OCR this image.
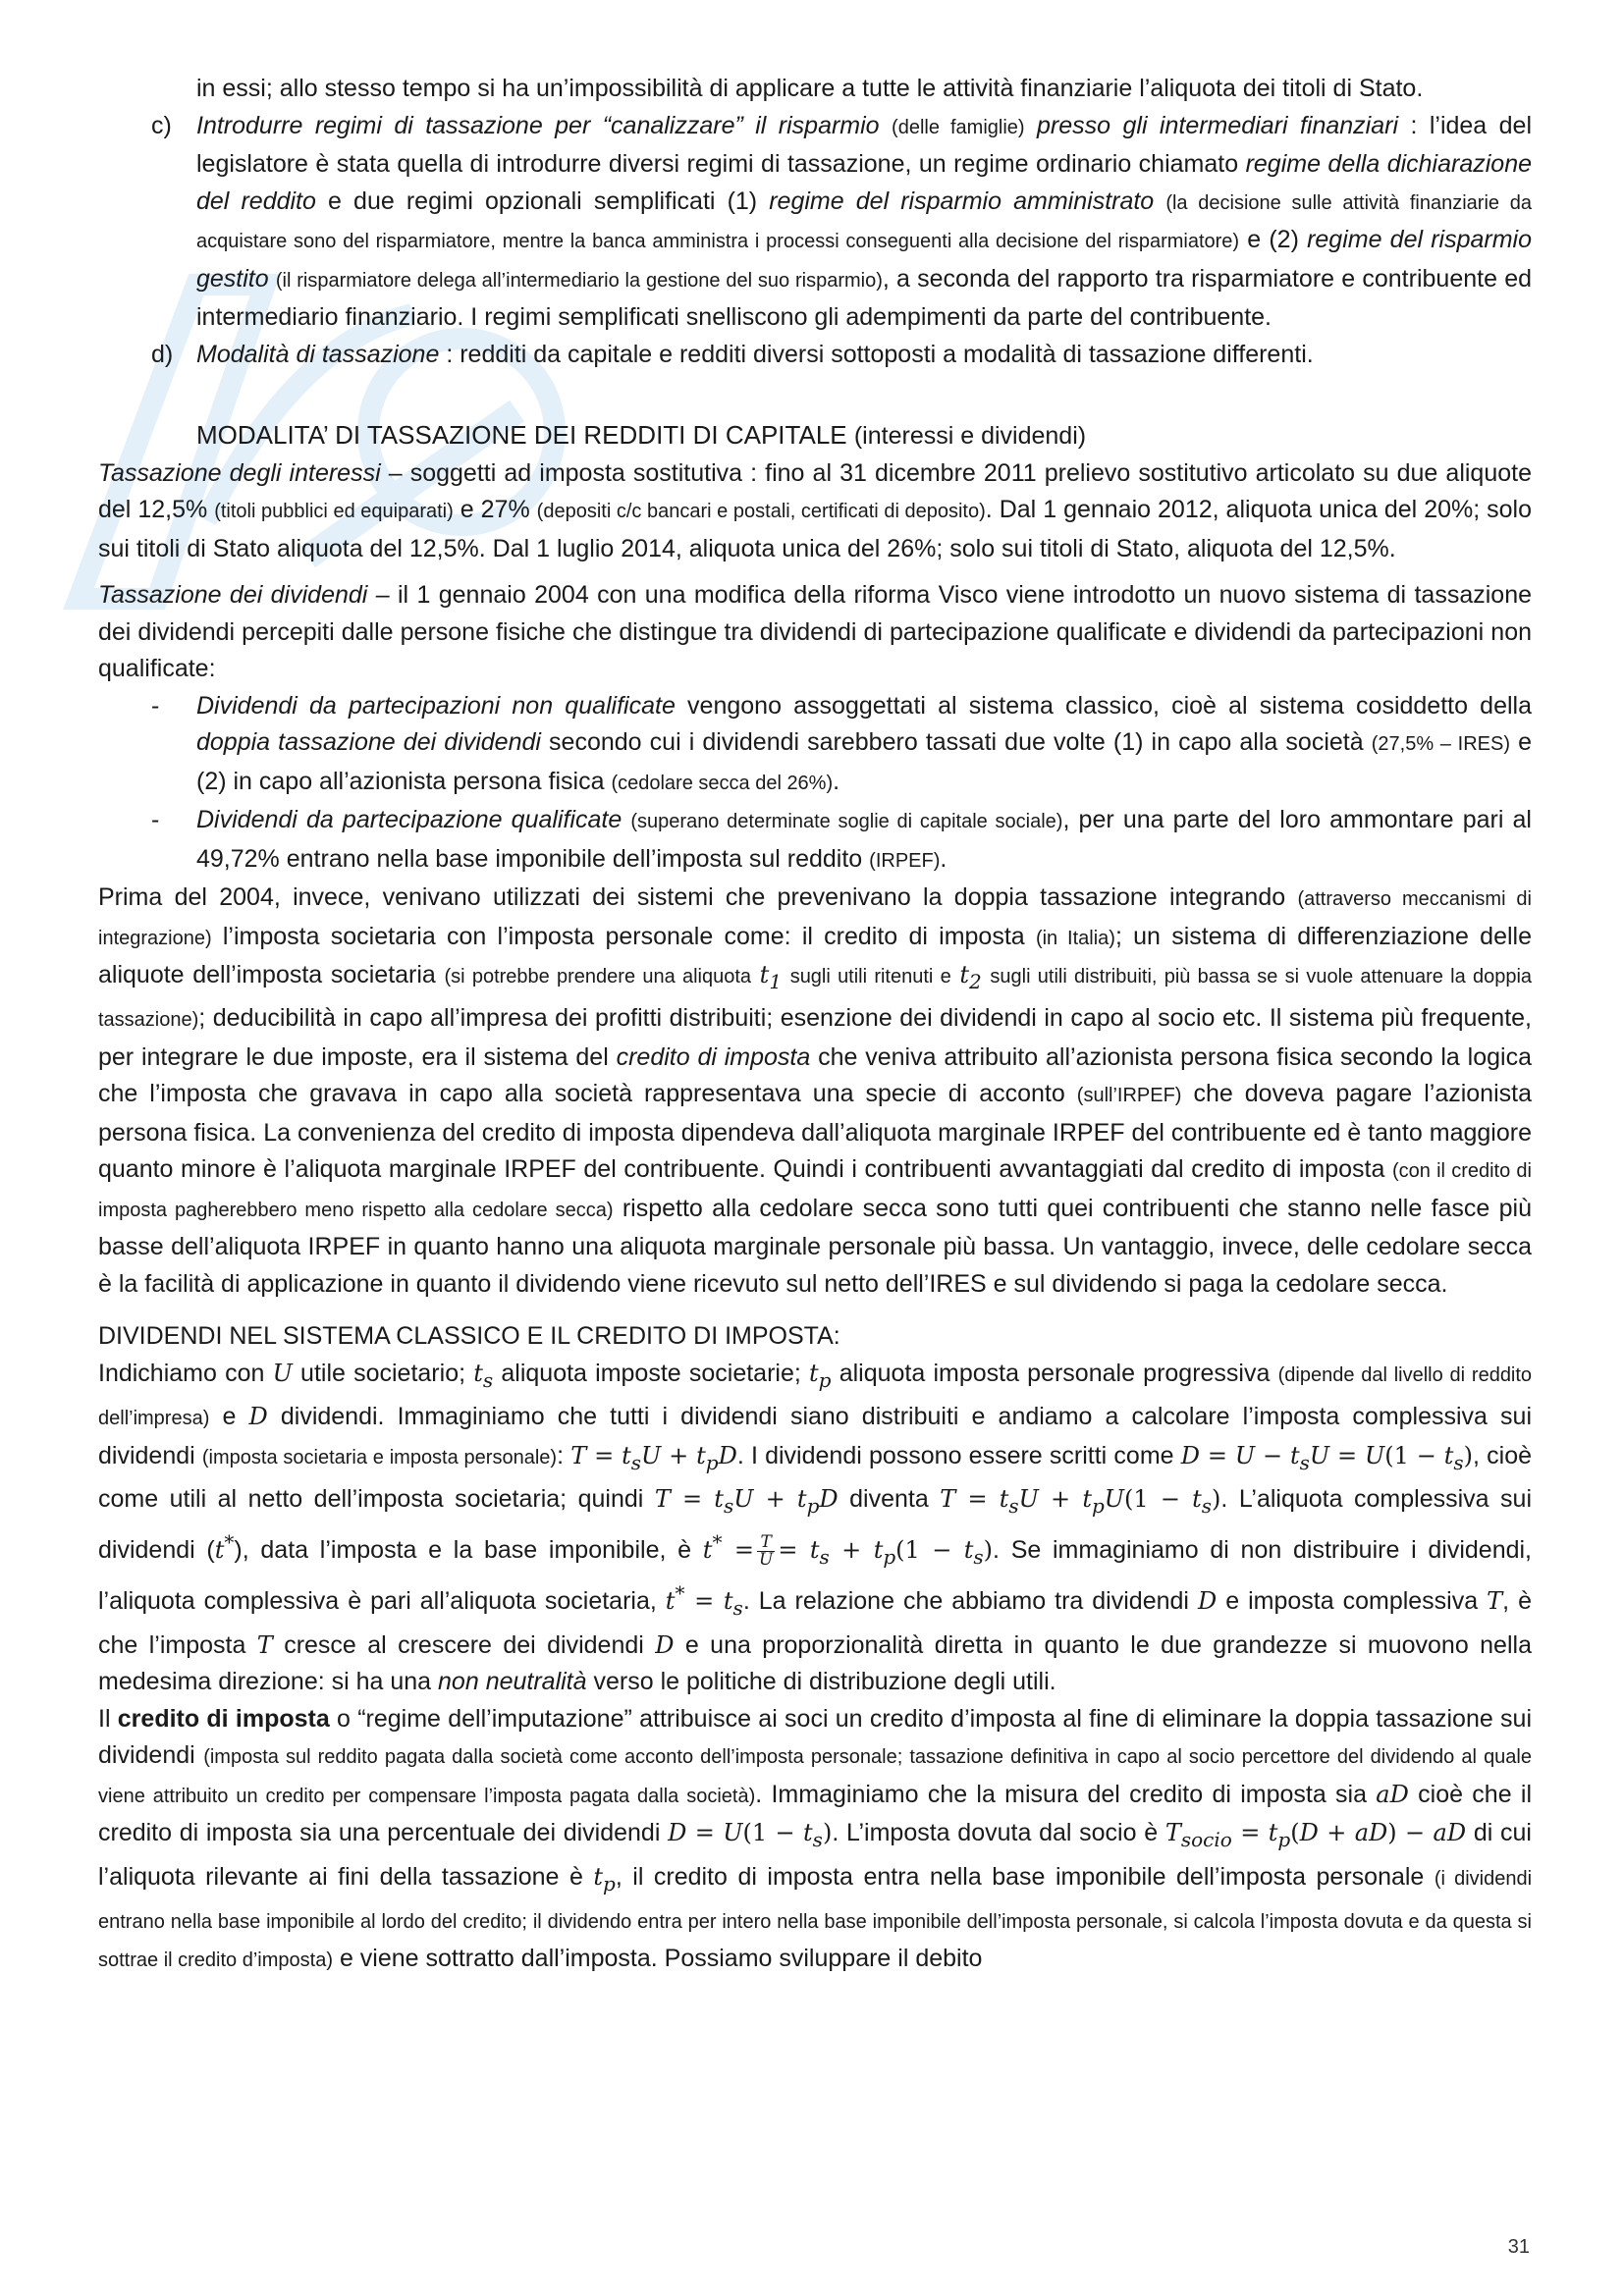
in essi; allo stesso tempo si ha un’impossibilità di applicare a tutte le attività finanziarie l’aliquota dei titoli di Stato.

c) Introdurre regimi di tassazione per “canalizzare” il risparmio (delle famiglie) presso gli intermediari finanziari : l’idea del legislatore è stata quella di introdurre diversi regimi di tassazione, un regime ordinario chiamato regime della dichiarazione del reddito e due regimi opzionali semplificati (1) regime del risparmio amministrato (la decisione sulle attività finanziarie da acquistare sono del risparmiatore, mentre la banca amministra i processi conseguenti alla decisione del risparmiatore) e (2) regime del risparmio gestito (il risparmiatore delega all’intermediario la gestione del suo risparmio), a seconda del rapporto tra risparmiatore e contribuente ed intermediario finanziario. I regimi semplificati snelliscono gli adempimenti da parte del contribuente.

d) Modalità di tassazione : redditi da capitale e redditi diversi sottoposti a modalità di tassazione differenti.

MODALITA’ DI TASSAZIONE DEI REDDITI DI CAPITALE (interessi e dividendi)

Tassazione degli interessi – soggetti ad imposta sostitutiva : fino al 31 dicembre 2011 prelievo sostitutivo articolato su due aliquote del 12,5% (titoli pubblici ed equiparati) e 27% (depositi c/c bancari e postali, certificati di deposito). Dal 1 gennaio 2012, aliquota unica del 20%; solo sui titoli di Stato aliquota del 12,5%. Dal 1 luglio 2014, aliquota unica del 26%; solo sui titoli di Stato, aliquota del 12,5%.

Tassazione dei dividendi – il 1 gennaio 2004 con una modifica della riforma Visco viene introdotto un nuovo sistema di tassazione dei dividendi percepiti dalle persone fisiche che distingue tra dividendi di partecipazione qualificate e dividendi da partecipazioni non qualificate:

- Dividendi da partecipazioni non qualificate vengono assoggettati al sistema classico, cioè al sistema cosiddetto della doppia tassazione dei dividendi secondo cui i dividendi sarebbero tassati due volte (1) in capo alla società (27,5% – IRES) e (2) in capo all’azionista persona fisica (cedolare secca del 26%).

- Dividendi da partecipazione qualificate (superano determinate soglie di capitale sociale), per una parte del loro ammontare pari al 49,72% entrano nella base imponibile dell’imposta sul reddito (IRPEF).

Prima del 2004, invece, venivano utilizzati dei sistemi che prevenivano la doppia tassazione integrando (attraverso meccanismi di integrazione) l’imposta societaria con l’imposta personale come: il credito di imposta (in Italia); un sistema di differenziazione delle aliquote dell’imposta societaria (si potrebbe prendere una aliquota $t_1$ sugli utili ritenuti e $t_2$ sugli utili distribuiti, più bassa se si vuole attenuare la doppia tassazione); deducibilità in capo all’impresa dei profitti distribuiti; esenzione dei dividendi in capo al socio etc. Il sistema più frequente, per integrare le due imposte, era il sistema del credito di imposta che veniva attribuito all’azionista persona fisica secondo la logica che l’imposta che gravava in capo alla società rappresentava una specie di acconto (sull’IRPEF) che doveva pagare l’azionista persona fisica. La convenienza del credito di imposta dipendeva dall’aliquota marginale IRPEF del contribuente ed è tanto maggiore quanto minore è l’aliquota marginale IRPEF del contribuente. Quindi i contribuenti avvantaggiati dal credito di imposta (con il credito di imposta pagherebbero meno rispetto alla cedolare secca) rispetto alla cedolare secca sono tutti quei contribuenti che stanno nelle fasce più basse dell’aliquota IRPEF in quanto hanno una aliquota marginale personale più bassa. Un vantaggio, invece, delle cedolare secca è la facilità di applicazione in quanto il dividendo viene ricevuto sul netto dell’IRES e sul dividendo si paga la cedolare secca.

DIVIDENDI NEL SISTEMA CLASSICO E IL CREDITO DI IMPOSTA:

Indichiamo con U utile societario; $t_s$ aliquota imposte societarie; $t_p$ aliquota imposta personale progressiva (dipende dal livello di reddito dell’impresa) e D dividendi. Immaginiamo che tutti i dividendi siano distribuiti e andiamo a calcolare l’imposta complessiva sui dividendi (imposta societaria e imposta personale): $T = t_sU + t_pD$. I dividendi possono essere scritti come $D = U - t_sU = U(1 - t_s)$, cioè come utili al netto dell’imposta societaria; quindi $T = t_sU + t_pD$ diventa $T = t_sU + t_pU(1 - t_s)$. L’aliquota complessiva sui dividendi (t*), data l’imposta e la base imponibile, è $t^* = \frac{T}{U} = t_s + t_p(1 - t_s)$. Se immaginiamo di non distribuire i dividendi, l’aliquota complessiva è pari all’aliquota societaria, $t^* = t_s$. La relazione che abbiamo tra dividendi D e imposta complessiva T, è che l’imposta T cresce al crescere dei dividendi D e una proporzionalità diretta in quanto le due grandezze si muovono nella medesima direzione: si ha una non neutralità verso le politiche di distribuzione degli utili.

Il credito di imposta o “regime dell’imputazione” attribuisce ai soci un credito d’imposta al fine di eliminare la doppia tassazione sui dividendi (imposta sul reddito pagata dalla società come acconto dell’imposta personale; tassazione definitiva in capo al socio percettore del dividendo al quale viene attribuito un credito per compensare l’imposta pagata dalla società). Immaginiamo che la misura del credito di imposta sia aD cioè che il credito di imposta sia una percentuale dei dividendi $D = U(1 - t_s)$. L’imposta dovuta dal socio è $T_{socio} = t_p(D + aD)$ − aD di cui l’aliquota rilevante ai fini della tassazione è $t_p$, il credito di imposta entra nella base imponibile dell’imposta personale (i dividendi entrano nella base imponibile al lordo del credito; il dividendo entra per intero nella base imponibile dell’imposta personale, si calcola l’imposta dovuta e da questa si sottrae il credito d’imposta) e viene sottratto dall’imposta. Possiamo sviluppare il debito

31
